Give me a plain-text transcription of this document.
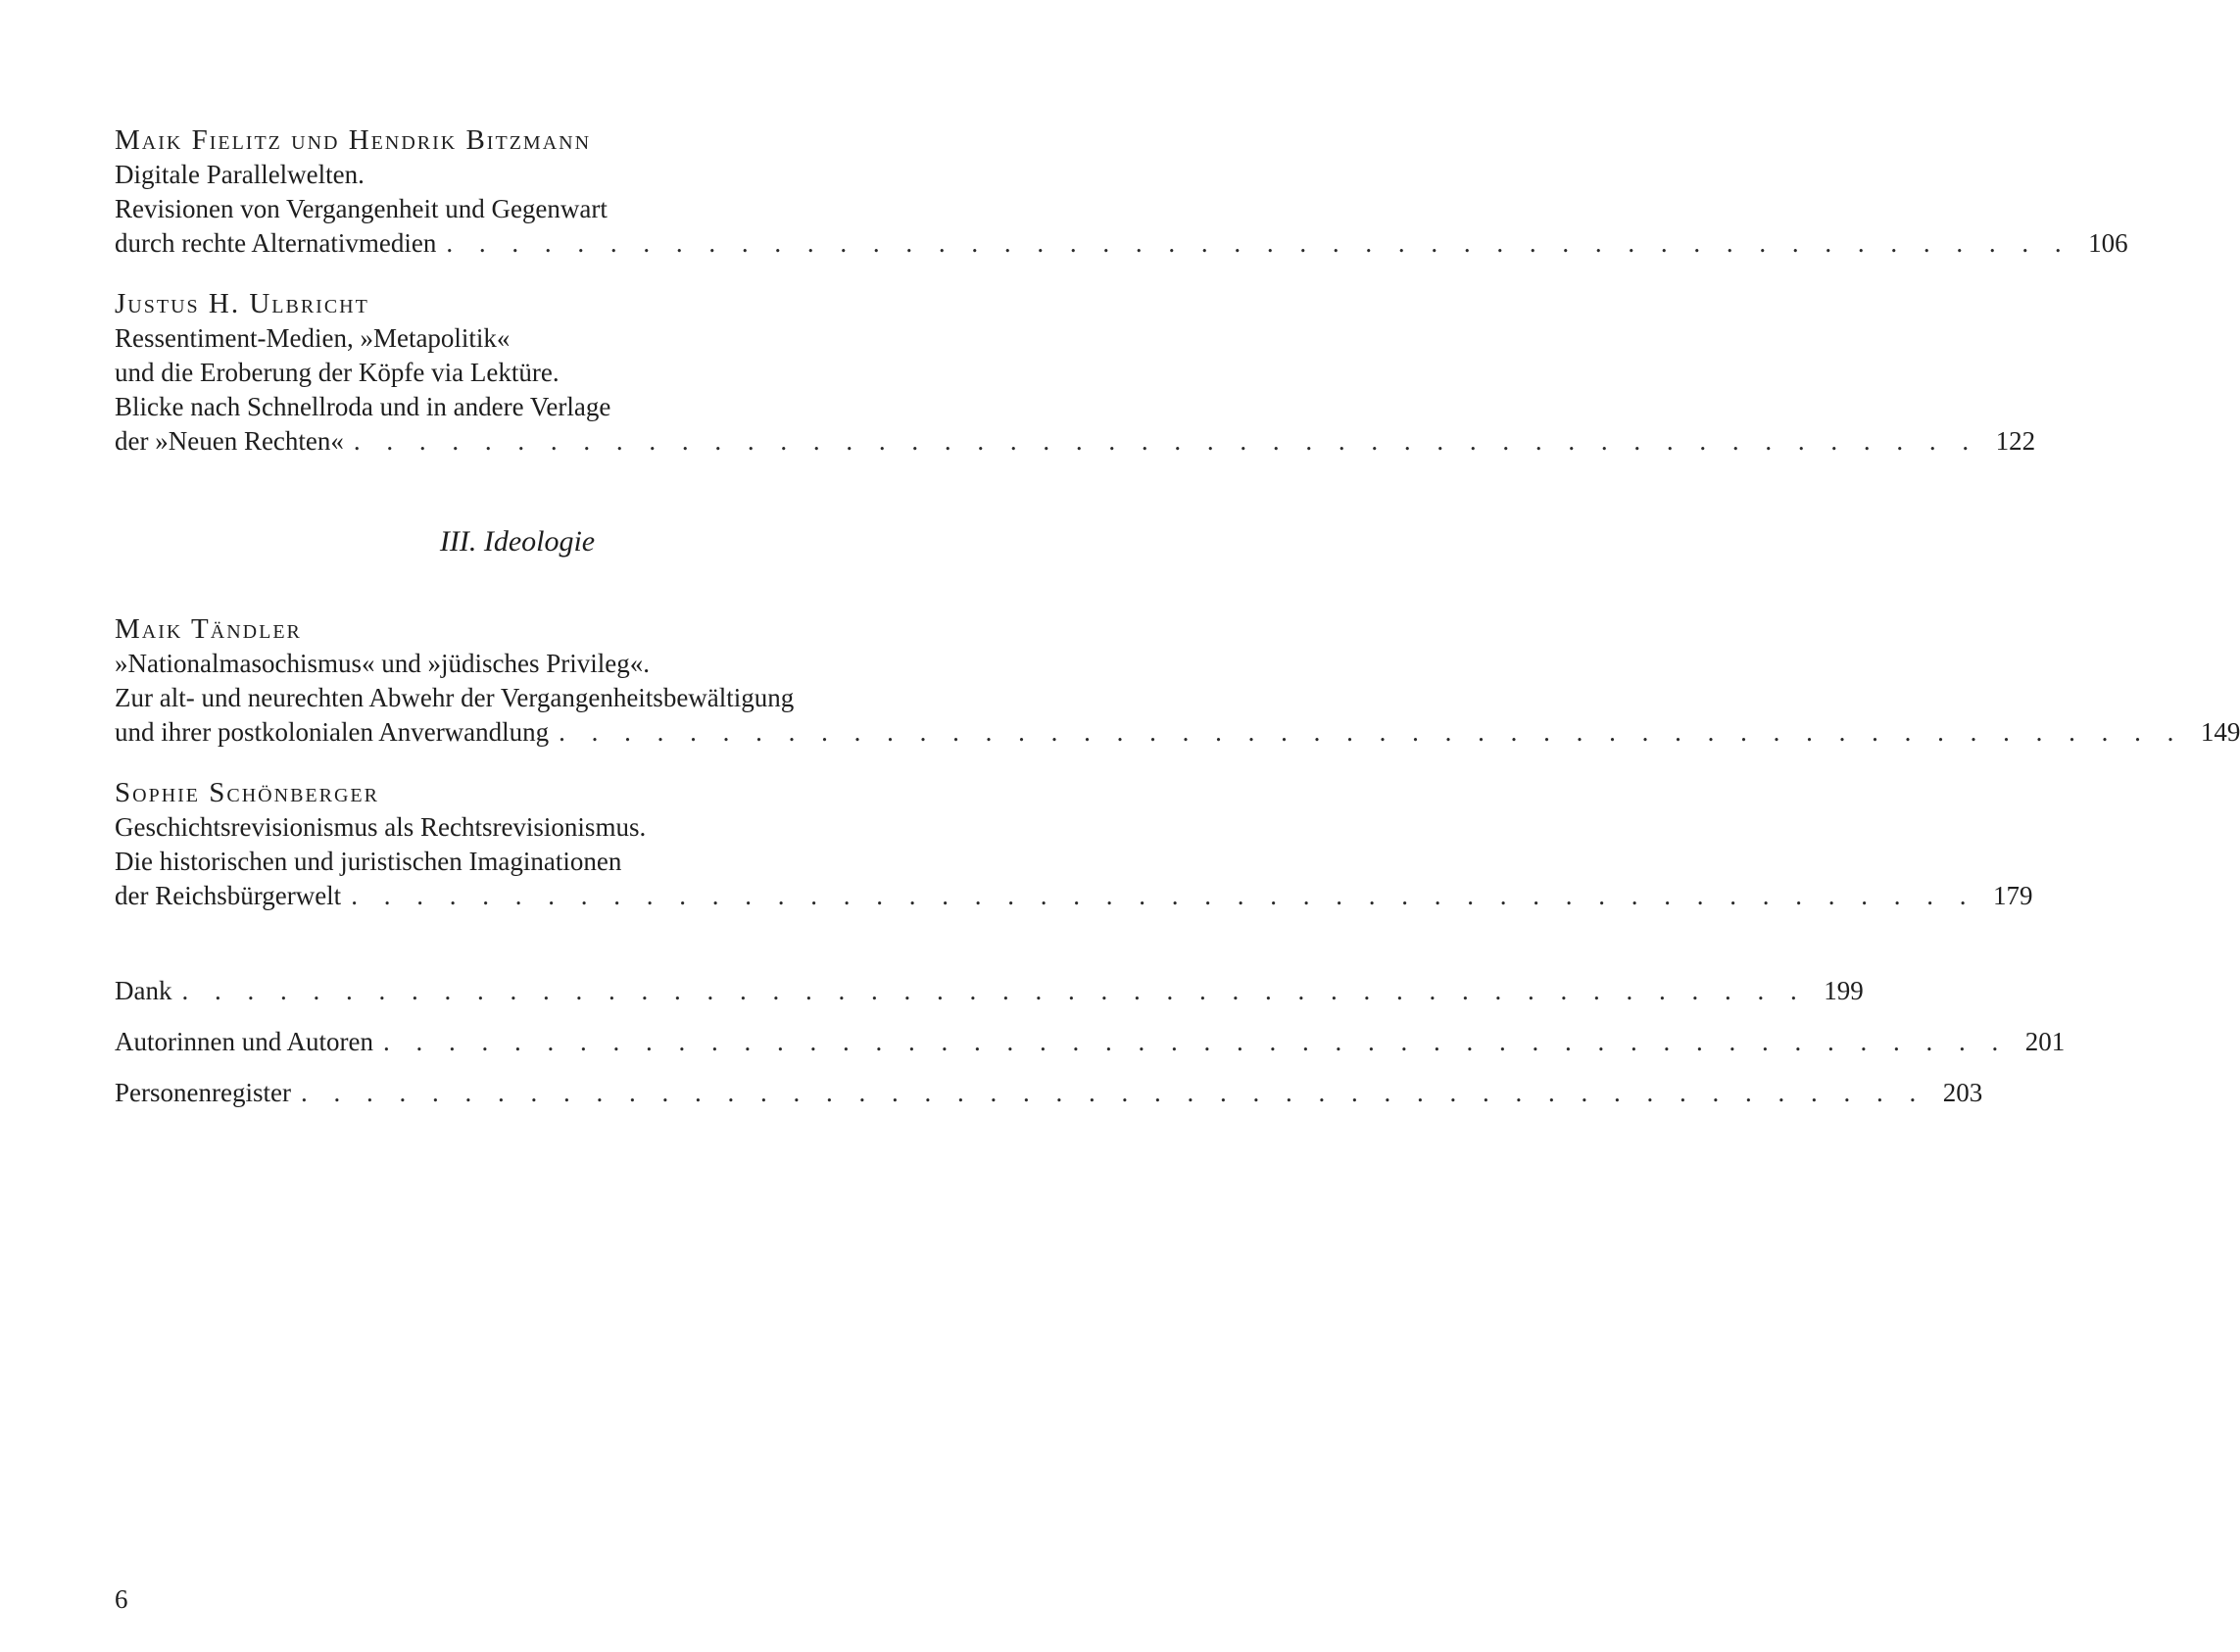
Maik Fielitz und Hendrik Bitzmann

Digitale Parallelwelten.

Revisionen von Vergangenheit und Gegenwart

durch rechte Alternativmedien . . . . . . . . . . . . . . . . . . . . . . . . . . . . . . . . . . . . . . . . . . . . . . . . . . 106

Justus H. Ulbricht

Ressentiment-Medien, »Metapolitik«

und die Eroberung der Köpfe via Lektüre.

Blicke nach Schnellroda und in andere Verlage

der »Neuen Rechten« . . . . . . . . . . . . . . . . . . . . . . . . . . . . . . . . . . . . . . . . . . . . . . . . . . 122
III. Ideologie

Maik Tändler

»Nationalmasochismus« und »jüdisches Privileg«.

Zur alt- und neurechten Abwehr der Vergangenheitsbewältigung

und ihrer postkolonialen Anverwandlung . . . . . . . . . . . . . . . . . . . . . . . . . . . . . . . . . . . . . . . . . . . . . . . . . . 149

Sophie Schönberger

Geschichtsrevisionismus als Rechtsrevisionismus.

Die historischen und juristischen Imaginationen

der Reichsbürgerwelt . . . . . . . . . . . . . . . . . . . . . . . . . . . . . . . . . . . . . . . . . . . . . . . . . . 179
Dank . . . . . . . . . . . . . . . . . . . . . . . . . . . . . . . . . . . . . . . . . . . . . . . . . . 199
Autorinnen und Autoren . . . . . . . . . . . . . . . . . . . . . . . . . . . . . . . . . . . . . . . . . . . . . . . . . . 201
Personenregister . . . . . . . . . . . . . . . . . . . . . . . . . . . . . . . . . . . . . . . . . . . . . . . . . . 203
6
